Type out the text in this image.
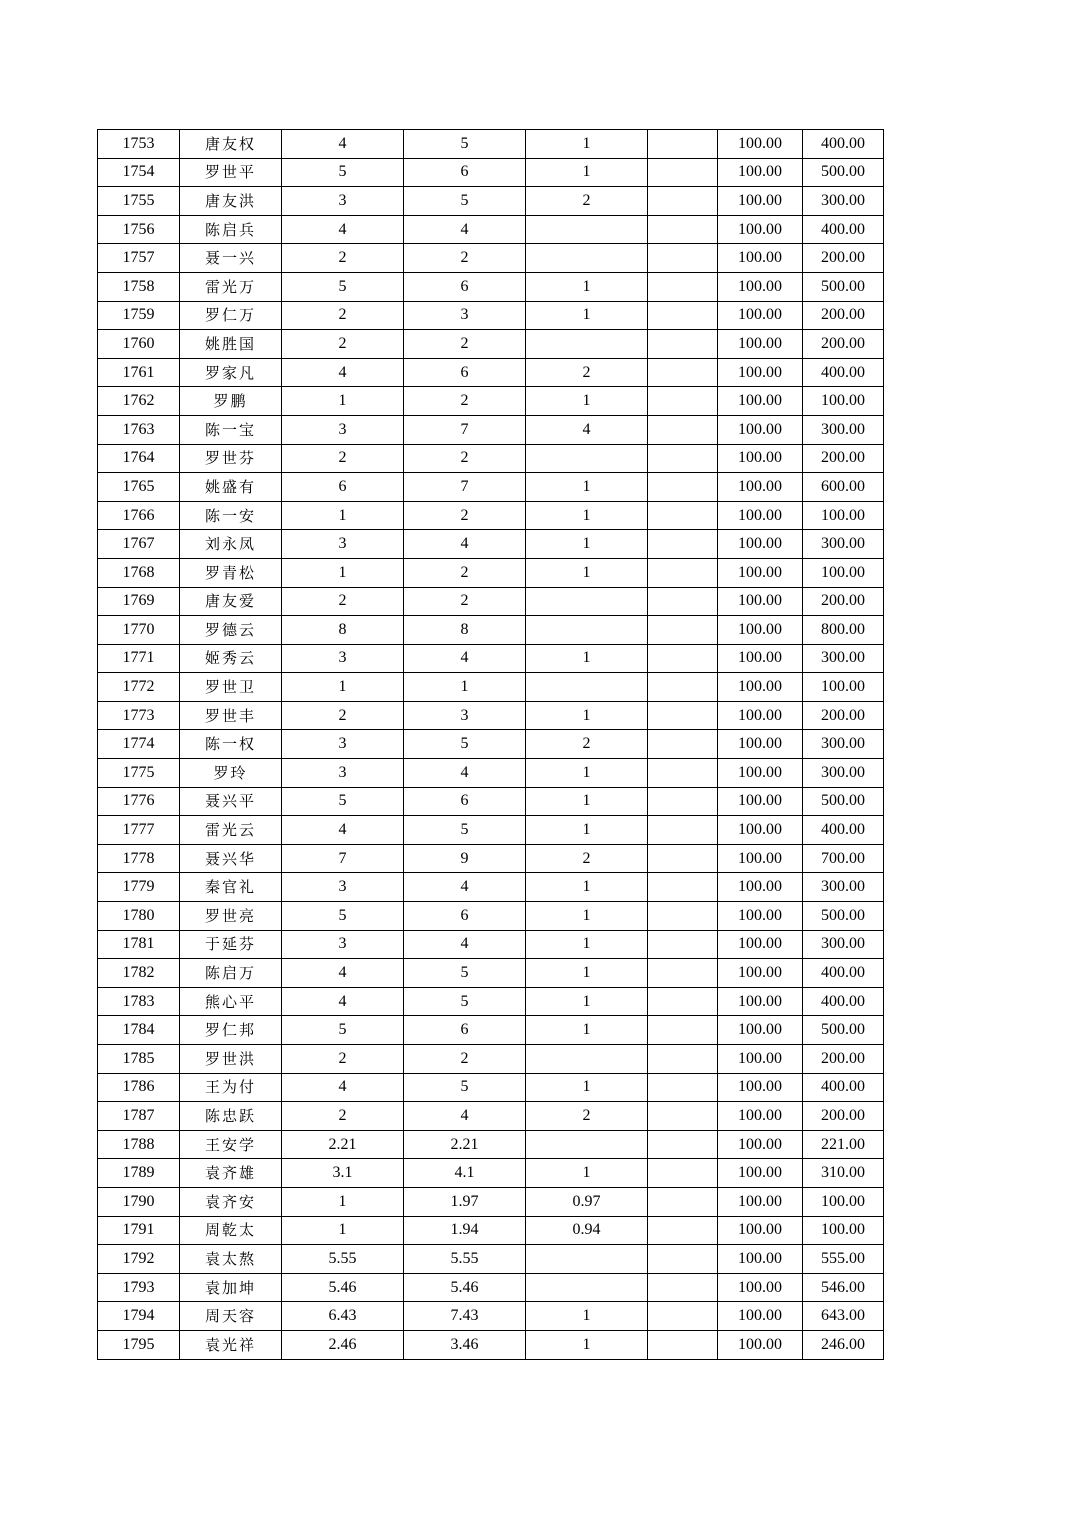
1753	唐友权	4	5	1		100.00	400.00
1754	罗世平	5	6	1		100.00	500.00
1755	唐友洪	3	5	2		100.00	300.00
1756	陈启兵	4	4			100.00	400.00
1757	聂一兴	2	2			100.00	200.00
1758	雷光万	5	6	1		100.00	500.00
1759	罗仁万	2	3	1		100.00	200.00
1760	姚胜国	2	2			100.00	200.00
1761	罗家凡	4	6	2		100.00	400.00
1762	罗鹏	1	2	1		100.00	100.00
1763	陈一宝	3	7	4		100.00	300.00
1764	罗世芬	2	2			100.00	200.00
1765	姚盛有	6	7	1		100.00	600.00
1766	陈一安	1	2	1		100.00	100.00
1767	刘永凤	3	4	1		100.00	300.00
1768	罗青松	1	2	1		100.00	100.00
1769	唐友爱	2	2			100.00	200.00
1770	罗德云	8	8			100.00	800.00
1771	姬秀云	3	4	1		100.00	300.00
1772	罗世卫	1	1			100.00	100.00
1773	罗世丰	2	3	1		100.00	200.00
1774	陈一权	3	5	2		100.00	300.00
1775	罗玲	3	4	1		100.00	300.00
1776	聂兴平	5	6	1		100.00	500.00
1777	雷光云	4	5	1		100.00	400.00
1778	聂兴华	7	9	2		100.00	700.00
1779	秦官礼	3	4	1		100.00	300.00
1780	罗世亮	5	6	1		100.00	500.00
1781	于延芬	3	4	1		100.00	300.00
1782	陈启万	4	5	1		100.00	400.00
1783	熊心平	4	5	1		100.00	400.00
1784	罗仁邦	5	6	1		100.00	500.00
1785	罗世洪	2	2			100.00	200.00
1786	王为付	4	5	1		100.00	400.00
1787	陈忠跃	2	4	2		100.00	200.00
1788	王安学	2.21	2.21			100.00	221.00
1789	袁齐雄	3.1	4.1	1		100.00	310.00
1790	袁齐安	1	1.97	0.97		100.00	100.00
1791	周乾太	1	1.94	0.94		100.00	100.00
1792	袁太熬	5.55	5.55			100.00	555.00
1793	袁加坤	5.46	5.46			100.00	546.00
1794	周天容	6.43	7.43	1		100.00	643.00
1795	袁光祥	2.46	3.46	1		100.00	246.00
